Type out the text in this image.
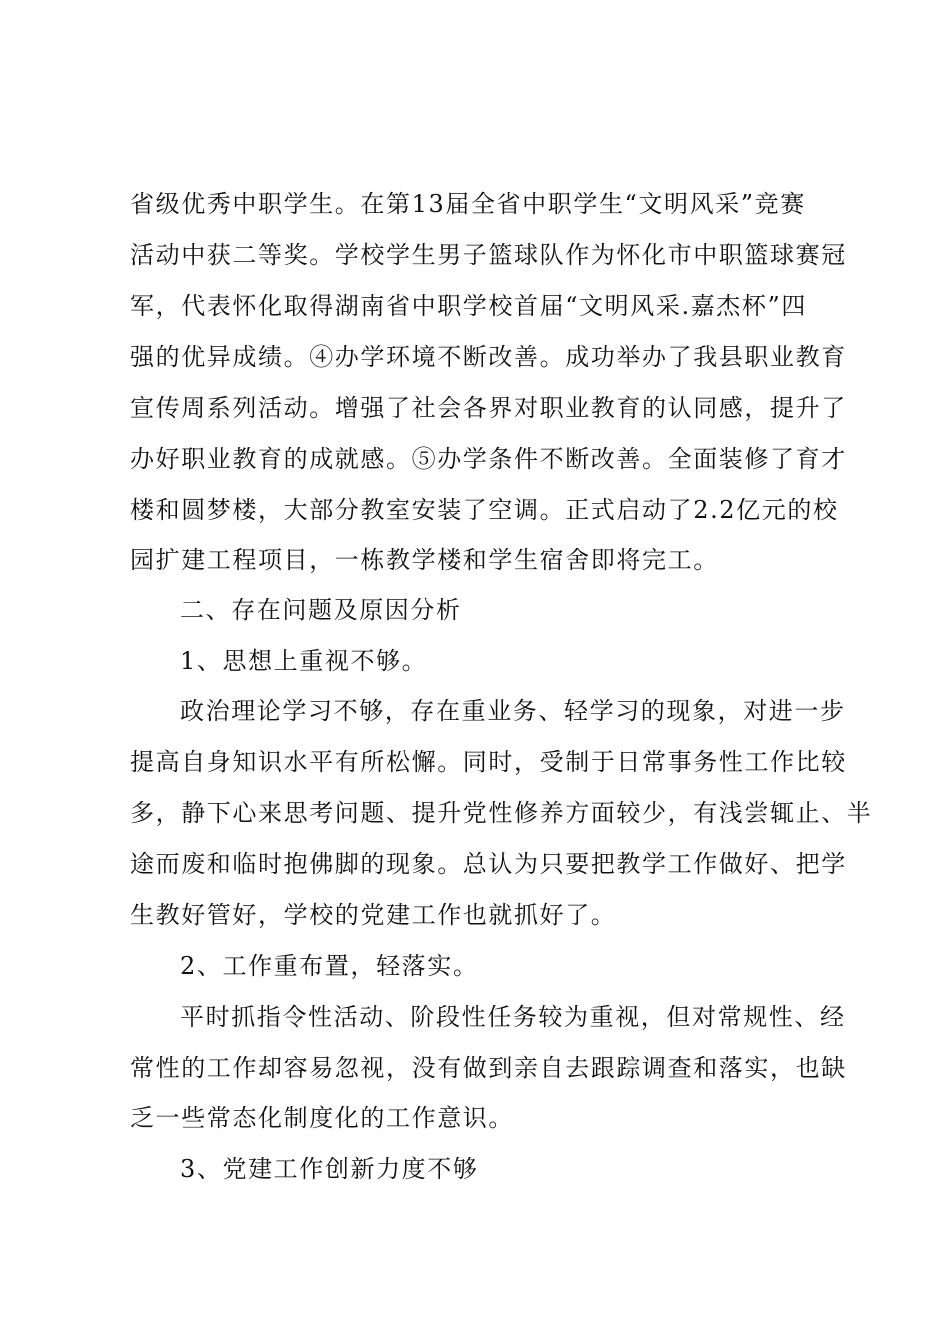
省级优秀中职学生。在第13届全省中职学生“文明风采”竞赛
活动中获二等奖。学校学生男子篮球队作为怀化市中职篮球赛冠
军，代表怀化取得湖南省中职学校首届“文明风采.嘉杰杯”四
强的优异成绩。④办学环境不断改善。成功举办了我县职业教育
宣传周系列活动。增强了社会各界对职业教育的认同感，提升了
办好职业教育的成就感。⑤办学条件不断改善。全面装修了育才
楼和圆梦楼，大部分教室安装了空调。正式启动了2.2亿元的校
园扩建工程项目，一栋教学楼和学生宿舍即将完工。
二、存在问题及原因分析
1、思想上重视不够。
政治理论学习不够，存在重业务、轻学习的现象，对进一步
提高自身知识水平有所松懈。同时，受制于日常事务性工作比较
多，静下心来思考问题、提升党性修养方面较少，有浅尝辄止、半
途而废和临时抱佛脚的现象。总认为只要把教学工作做好、把学
生教好管好，学校的党建工作也就抓好了。
2、工作重布置，轻落实。
平时抓指令性活动、阶段性任务较为重视，但对常规性、经
常性的工作却容易忽视，没有做到亲自去跟踪调查和落实，也缺
乏一些常态化制度化的工作意识。
3、党建工作创新力度不够
